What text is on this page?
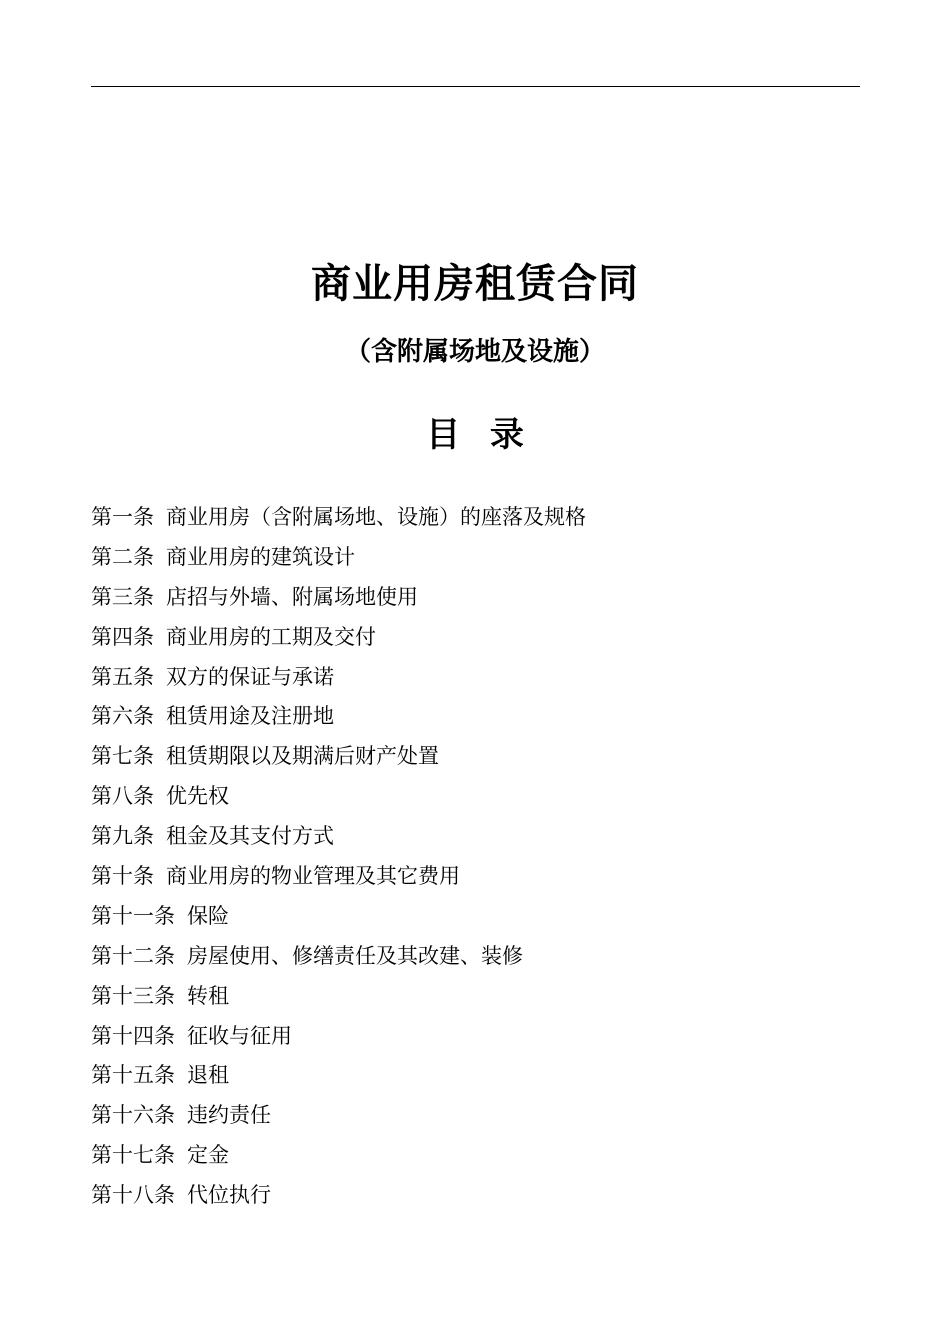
商业用房租赁合同
（含附属场地及设施）
目 录
第一条 商业用房（含附属场地、设施）的座落及规格
第二条 商业用房的建筑设计
第三条 店招与外墙、附属场地使用
第四条 商业用房的工期及交付
第五条 双方的保证与承诺
第六条 租赁用途及注册地
第七条 租赁期限以及期满后财产处置
第八条 优先权
第九条 租金及其支付方式
第十条 商业用房的物业管理及其它费用
第十一条 保险
第十二条 房屋使用、修缮责任及其改建、装修
第十三条 转租
第十四条 征收与征用
第十五条 退租
第十六条 违约责任
第十七条 定金
第十八条 代位执行
